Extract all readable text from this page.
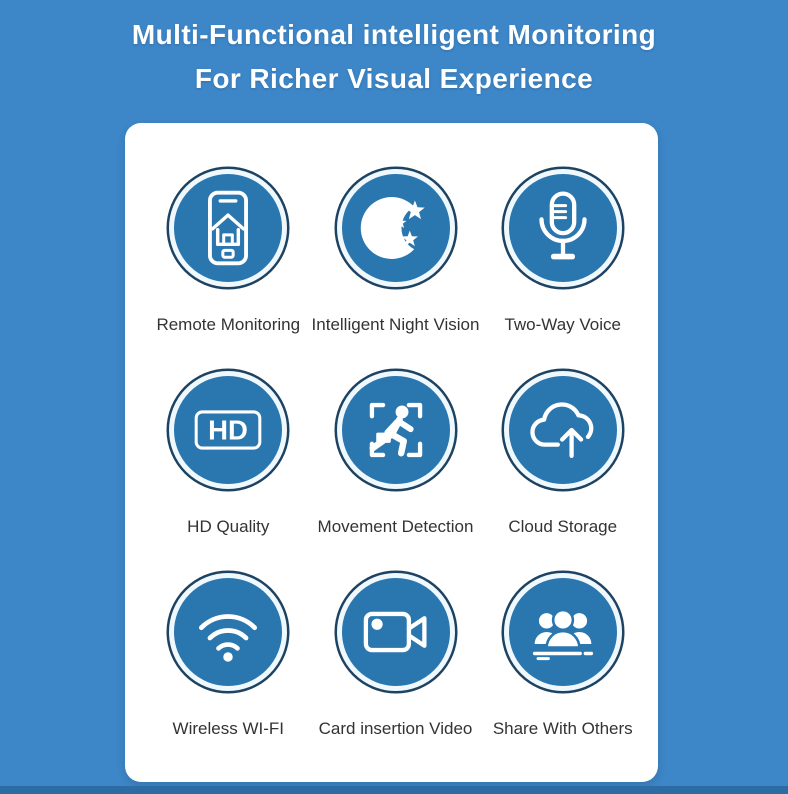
Multi-Functional intelligent Monitoring
For Richer Visual Experience
Remote Monitoring Intelligent Night Vision Two-Way Voice
HD
HD Quality	Movement Detection Cloud Storage
Wireless WI-FI Card insertion Video Share With Others
